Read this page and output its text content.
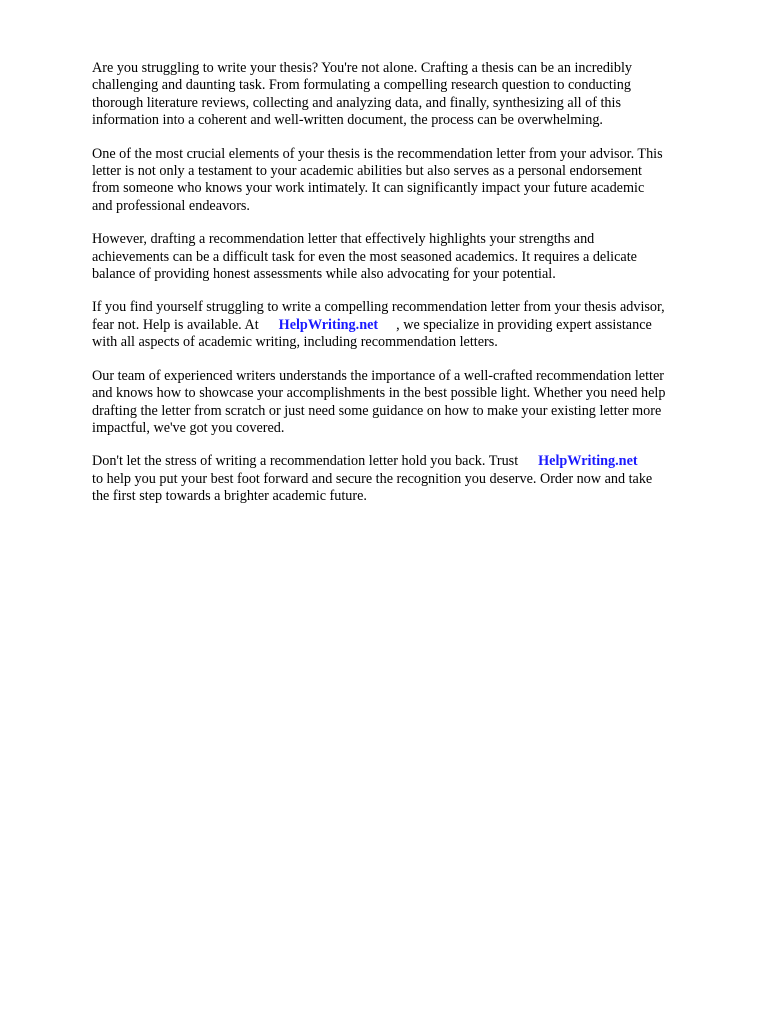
Are you struggling to write your thesis? You're not alone. Crafting a thesis can be an incredibly
challenging and daunting task. From formulating a compelling research question to conducting
thorough literature reviews, collecting and analyzing data, and finally, synthesizing all of this
information into a coherent and well-written document, the process can be overwhelming.

One of the most crucial elements of your thesis is the recommendation letter from your advisor. This
letter is not only a testament to your academic abilities but also serves as a personal endorsement
from someone who knows your work intimately. It can significantly impact your future academic
and professional endeavors.

However, drafting a recommendation letter that effectively highlights your strengths and
achievements can be a difficult task for even the most seasoned academics. It requires a delicate
balance of providing honest assessments while also advocating for your potential.

If you find yourself struggling to write a compelling recommendation letter from your thesis advisor,
fear not. Help is available. At HelpWriting.net , we specialize in providing expert assistance
with all aspects of academic writing, including recommendation letters.

Our team of experienced writers understands the importance of a well-crafted recommendation letter
and knows how to showcase your accomplishments in the best possible light. Whether you need help
drafting the letter from scratch or just need some guidance on how to make your existing letter more
impactful, we've got you covered.

Don't let the stress of writing a recommendation letter hold you back. Trust HelpWriting.net
to help you put your best foot forward and secure the recognition you deserve. Order now and take
the first step towards a brighter academic future.
